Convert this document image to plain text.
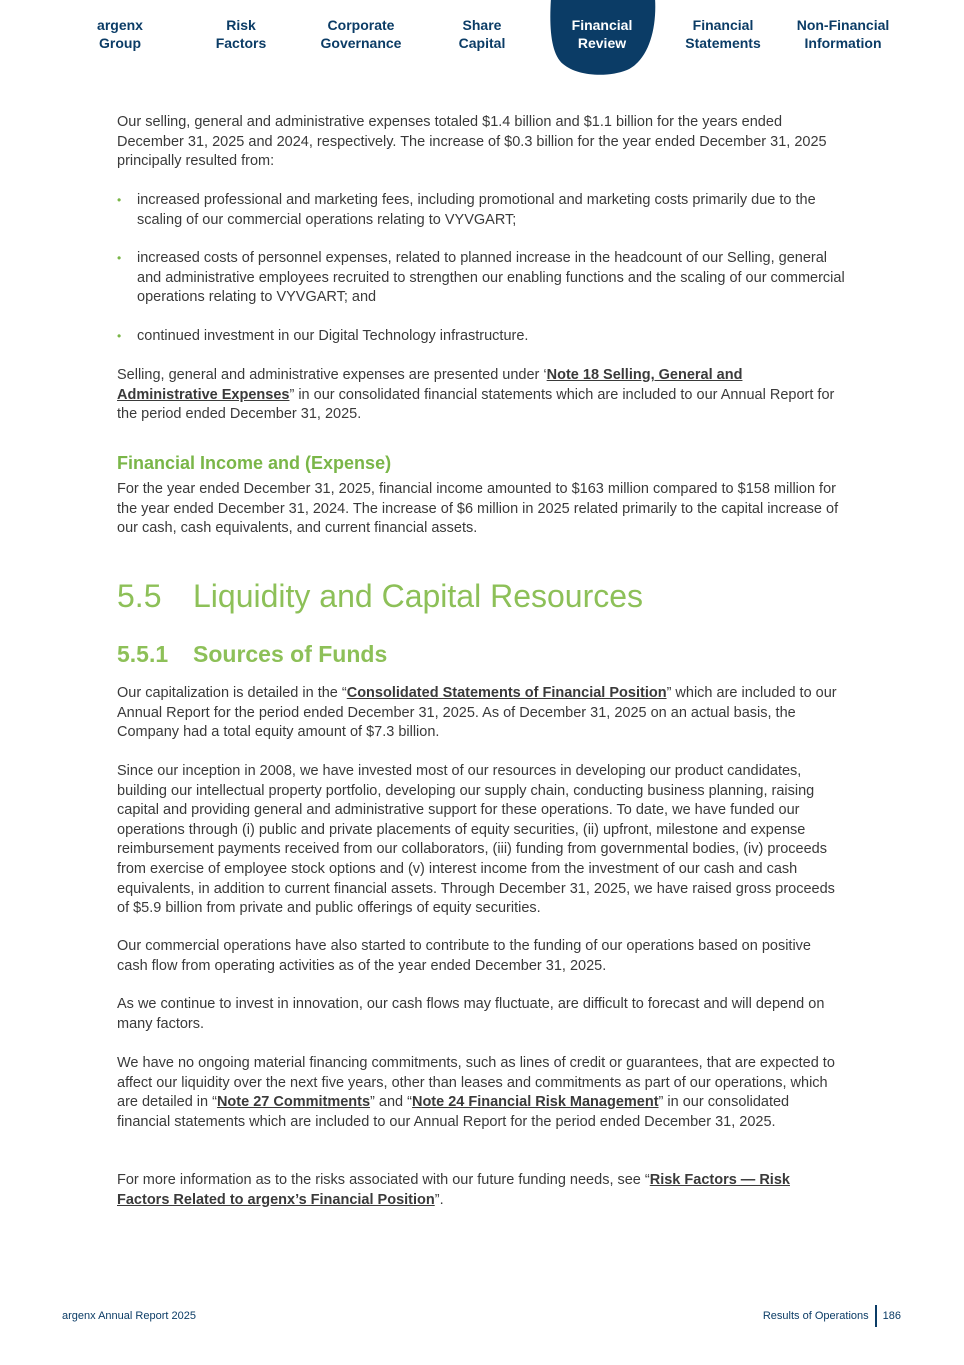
argenx
Group
Risk
Factors
Corporate
Governance
Share
Capital
Financial
Review
Financial
Statements
Non-Financial
Information

Our selling, general and administrative expenses totaled $1.4 billion and $1.1 billion for the years ended December 31, 2025 and 2024, respectively. The increase of $0.3 billion for the year ended December 31, 2025 principally resulted from:

• increased professional and marketing fees, including promotional and marketing costs primarily due to the scaling of our commercial operations relating to VYVGART;
• increased costs of personnel expenses, related to planned increase in the headcount of our Selling, general and administrative employees recruited to strengthen our enabling functions and the scaling of our commercial operations relating to VYVGART; and
• continued investment in our Digital Technology infrastructure.

Selling, general and administrative expenses are presented under ‘Note 18 Selling, General and Administrative Expenses” in our consolidated financial statements which are included to our Annual Report for the period ended December 31, 2025.

Financial Income and (Expense)

For the year ended December 31, 2025, financial income amounted to $163 million compared to $158 million for the year ended December 31, 2024. The increase of $6 million in 2025 related primarily to the capital increase of our cash, cash equivalents, and current financial assets.

5.5 Liquidity and Capital Resources
5.5.1 Sources of Funds

Our capitalization is detailed in the “Consolidated Statements of Financial Position” which are included to our Annual Report for the period ended December 31, 2025. As of December 31, 2025 on an actual basis, the Company had a total equity amount of $7.3 billion.

Since our inception in 2008, we have invested most of our resources in developing our product candidates, building our intellectual property portfolio, developing our supply chain, conducting business planning, raising capital and providing general and administrative support for these operations. To date, we have funded our operations through (i) public and private placements of equity securities, (ii) upfront, milestone and expense reimbursement payments received from our collaborators, (iii) funding from governmental bodies, (iv) proceeds from exercise of employee stock options and (v) interest income from the investment of our cash and cash equivalents, in addition to current financial assets. Through December 31, 2025, we have raised gross proceeds of $5.9 billion from private and public offerings of equity securities.

Our commercial operations have also started to contribute to the funding of our operations based on positive cash flow from operating activities as of the year ended December 31, 2025.

As we continue to invest in innovation, our cash flows may fluctuate, are difficult to forecast and will depend on many factors.

We have no ongoing material financing commitments, such as lines of credit or guarantees, that are expected to affect our liquidity over the next five years, other than leases and commitments as part of our operations, which are detailed in “Note 27 Commitments” and “Note 24 Financial Risk Management” in our consolidated financial statements which are included to our Annual Report for the period ended December 31, 2025.

For more information as to the risks associated with our future funding needs, see “Risk Factors — Risk Factors Related to argenx’s Financial Position”.

argenx Annual Report 2025	Results of Operations 186
